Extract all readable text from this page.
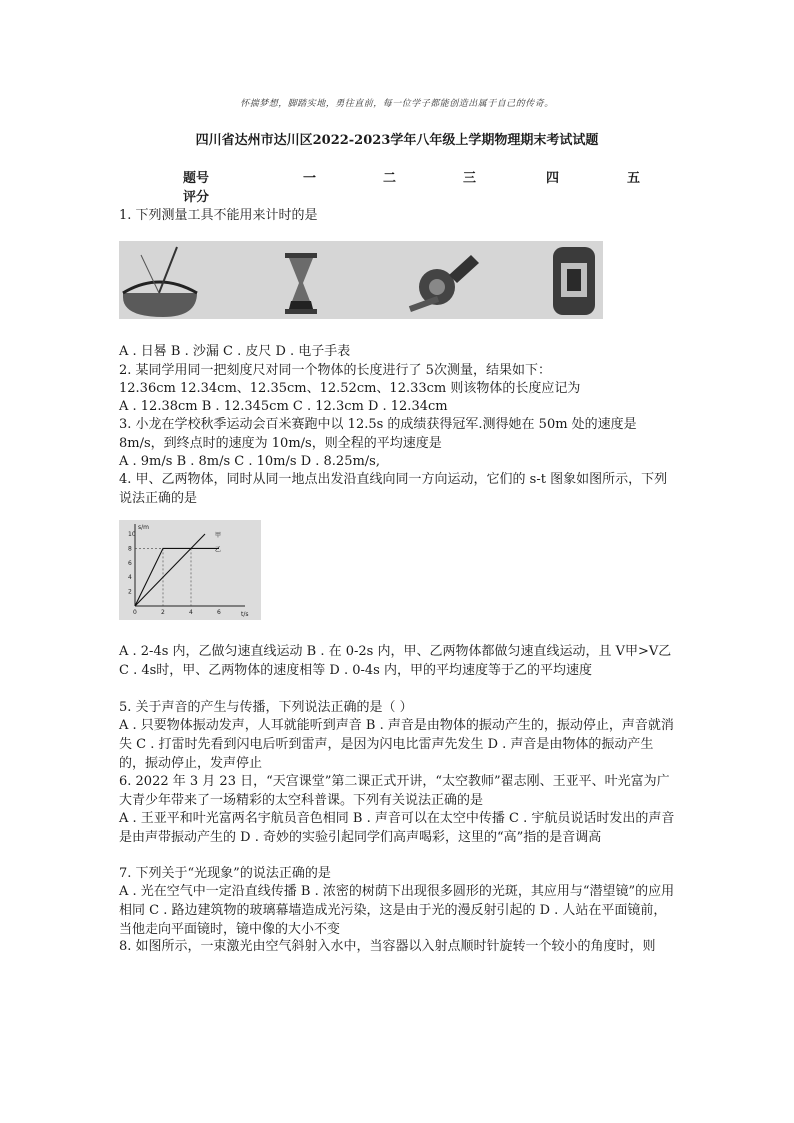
怀揣梦想，脚踏实地，勇往直前，每一位学子都能创造出属于自己的传奇。
四川省达州市达川区2022-2023学年八年级上学期物理期末考试试题
题号	一	二	三	四	五
评分
1. 下列测量工具不能用来计时的是
A . 日晷 B . 沙漏 C . 皮尺 D . 电子手表
2. 某同学用同一把刻度尺对同一个物体的长度进行了 5次测量，结果如下：
12.36cm 12.34cm、12.35cm、12.52cm、12.33cm 则该物体的长度应记为
A . 12.38cm B . 12.345cm C . 12.3cm D . 12.34cm
3. 小龙在学校秋季运动会百米赛跑中以 12.5s 的成绩获得冠军.测得她在 50m 处的速度是 8m/s，到终点时的速度为 10m/s，则全程的平均速度是
A . 9m/s B . 8m/s C . 10m/s D . 8.25m/s,
4. 甲、乙两物体，同时从同一地点出发沿直线向同一方向运动，它们的 s-t 图象如图所示，下列说法正确的是
s/m
t/s
2
4
6
8
10
0	2	4	6
甲
乙
A . 2-4s 内，乙做匀速直线运动 B . 在 0-2s 内，甲、乙两物体都做匀速直线运动，且 V甲>V乙 C . 4s时，甲、乙两物体的速度相等 D . 0-4s 内，甲的平均速度等于乙的平均速度
5. 关于声音的产生与传播，下列说法正确的是（ ）
A . 只要物体振动发声，人耳就能听到声音 B . 声音是由物体的振动产生的，振动停止，声音就消失 C . 打雷时先看到闪电后听到雷声，是因为闪电比雷声先发生 D . 声音是由物体的振动产生的，振动停止，发声停止
6. 2022 年 3 月 23 日，“天宫课堂”第二课正式开讲，“太空教师”翟志刚、王亚平、叶光富为广大青少年带来了一场精彩的太空科普课。下列有关说法正确的是
A . 王亚平和叶光富两名宇航员音色相同 B . 声音可以在太空中传播 C . 宇航员说话时发出的声音是由声带振动产生的 D . 奇妙的实验引起同学们高声喝彩，这里的“高”指的是音调高
7. 下列关于“光现象”的说法正确的是
A . 光在空气中一定沿直线传播 B . 浓密的树荫下出现很多圆形的光斑，其应用与“潜望镜”的应用相同 C . 路边建筑物的玻璃幕墙造成光污染，这是由于光的漫反射引起的 D . 人站在平面镜前，当他走向平面镜时，镜中像的大小不变
8. 如图所示，一束激光由空气斜射入水中，当容器以入射点顺时针旋转一个较小的角度时，则
